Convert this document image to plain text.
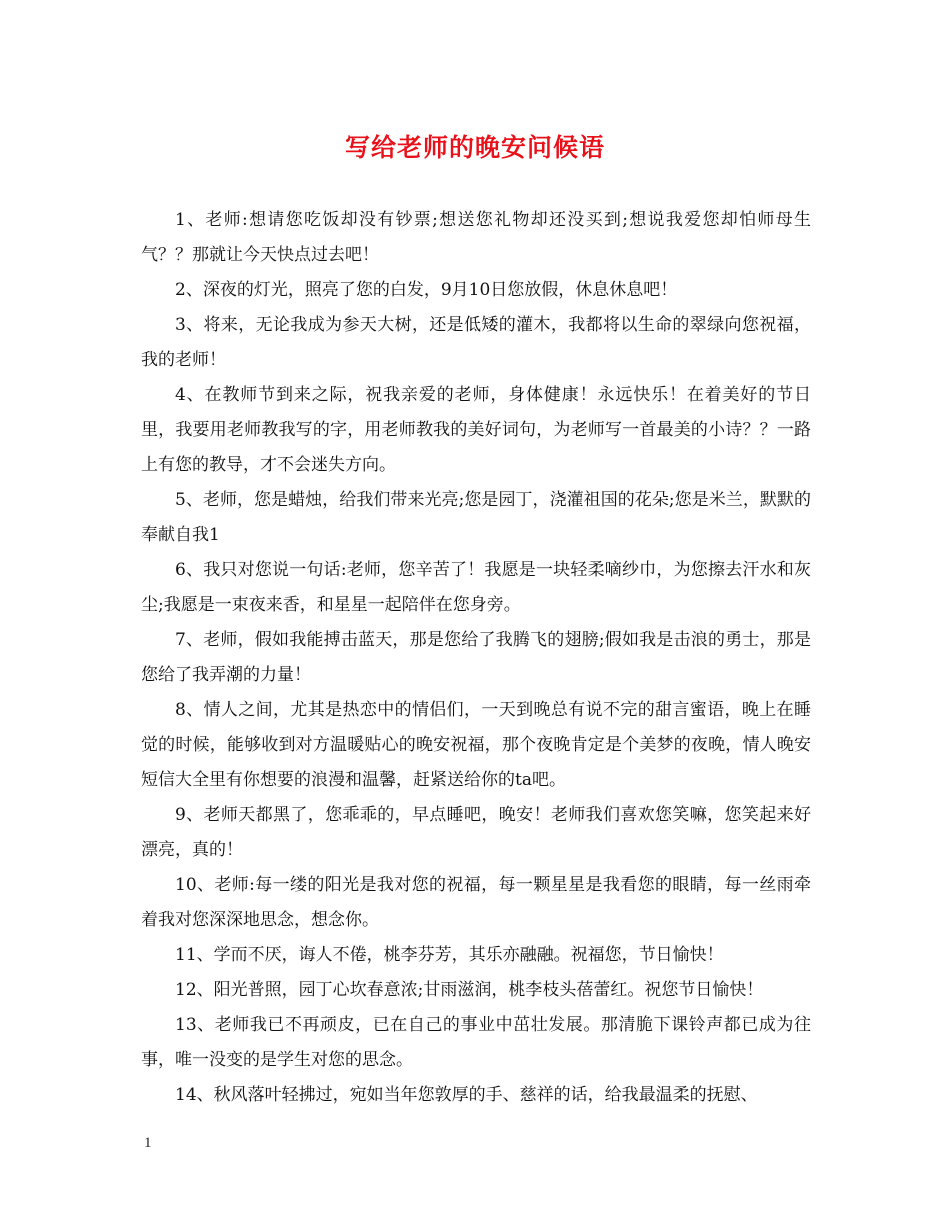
写给老师的晚安问候语

1、老师:想请您吃饭却没有钞票;想送您礼物却还没买到;想说我爱您却怕师母生气？？那就让今天快点过去吧！

2、深夜的灯光，照亮了您的白发，9月10日您放假，休息休息吧！

3、将来，无论我成为参天大树，还是低矮的灌木，我都将以生命的翠绿向您祝福，我的老师！

4、在教师节到来之际，祝我亲爱的老师，身体健康！永远快乐！在着美好的节日里，我要用老师教我写的字，用老师教我的美好词句，为老师写一首最美的小诗？？一路上有您的教导，才不会迷失方向。

5、老师，您是蜡烛，给我们带来光亮;您是园丁，浇灌祖国的花朵;您是米兰，默默的奉献自我1

6、我只对您说一句话:老师，您辛苦了！我愿是一块轻柔嘀纱巾，为您擦去汗水和灰尘;我愿是一束夜来香，和星星一起陪伴在您身旁。

7、老师，假如我能搏击蓝天，那是您给了我腾飞的翅膀;假如我是击浪的勇士，那是您给了我弄潮的力量！

8、情人之间，尤其是热恋中的情侣们，一天到晚总有说不完的甜言蜜语，晚上在睡觉的时候，能够收到对方温暖贴心的晚安祝福，那个夜晚肯定是个美梦的夜晚，情人晚安短信大全里有你想要的浪漫和温馨，赶紧送给你的ta吧。

9、老师天都黑了，您乖乖的，早点睡吧，晚安！老师我们喜欢您笑嘛，您笑起来好漂亮，真的！

10、老师:每一缕的阳光是我对您的祝福，每一颗星星是我看您的眼睛，每一丝雨牵着我对您深深地思念，想念你。

11、学而不厌，诲人不倦，桃李芬芳，其乐亦融融。祝福您，节日愉快！

12、阳光普照，园丁心坎春意浓;甘雨滋润，桃李枝头蓓蕾红。祝您节日愉快！

13、老师我已不再顽皮，已在自己的事业中茁壮发展。那清脆下课铃声都已成为往事，唯一没变的是学生对您的思念。

14、秋风落叶轻拂过，宛如当年您敦厚的手、慈祥的话，给我最温柔的抚慰、

1
